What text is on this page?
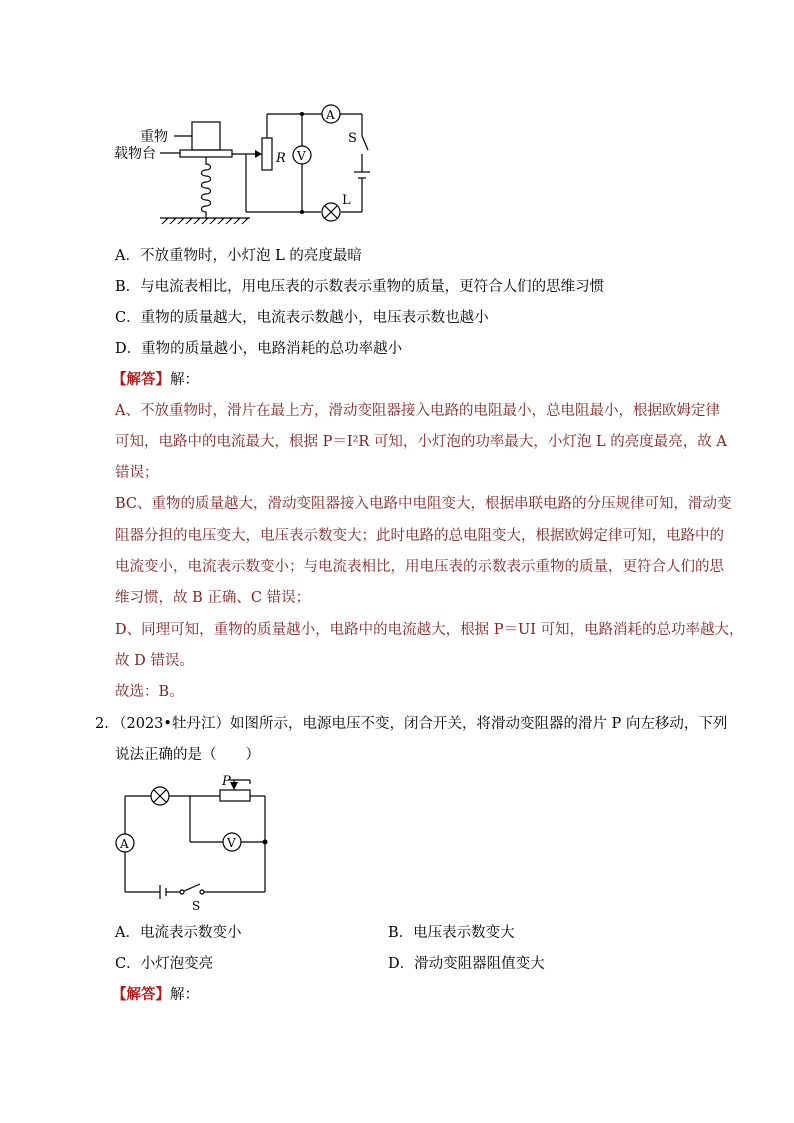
重物
载物台
A
V
R
S
L
A．不放重物时，小灯泡 L 的亮度最暗
B．与电流表相比，用电压表的示数表示重物的质量，更符合人们的思维习惯
C．重物的质量越大，电流表示数越小，电压表示数也越小
D．重物的质量越小，电路消耗的总功率越小
【解答】解：
A、不放重物时，滑片在最上方，滑动变阻器接入电路的电阻最小，总电阻最小，根据欧姆定律
可知，电路中的电流最大，根据 P＝I²R 可知，小灯泡的功率最大，小灯泡 L 的亮度最亮，故 A
错误；
BC、重物的质量越大，滑动变阻器接入电路中电阻变大，根据串联电路的分压规律可知，滑动变
阻器分担的电压变大，电压表示数变大；此时电路的总电阻变大，根据欧姆定律可知，电路中的
电流变小，电流表示数变小；与电流表相比，用电压表的示数表示重物的质量，更符合人们的思
维习惯，故 B 正确、C 错误；
D、同理可知，重物的质量越小，电路中的电流越大，根据 P＝UI 可知，电路消耗的总功率越大，
故 D 错误。
故选：B。
2. （2023•牡丹江）如图所示，电源电压不变，闭合开关，将滑动变阻器的滑片 P 向左移动，下列
说法正确的是（　　）
P
V
A
S
A．电流表示数变小	B．电压表示数变大
C．小灯泡变亮	D．滑动变阻器阻值变大
【解答】解：
